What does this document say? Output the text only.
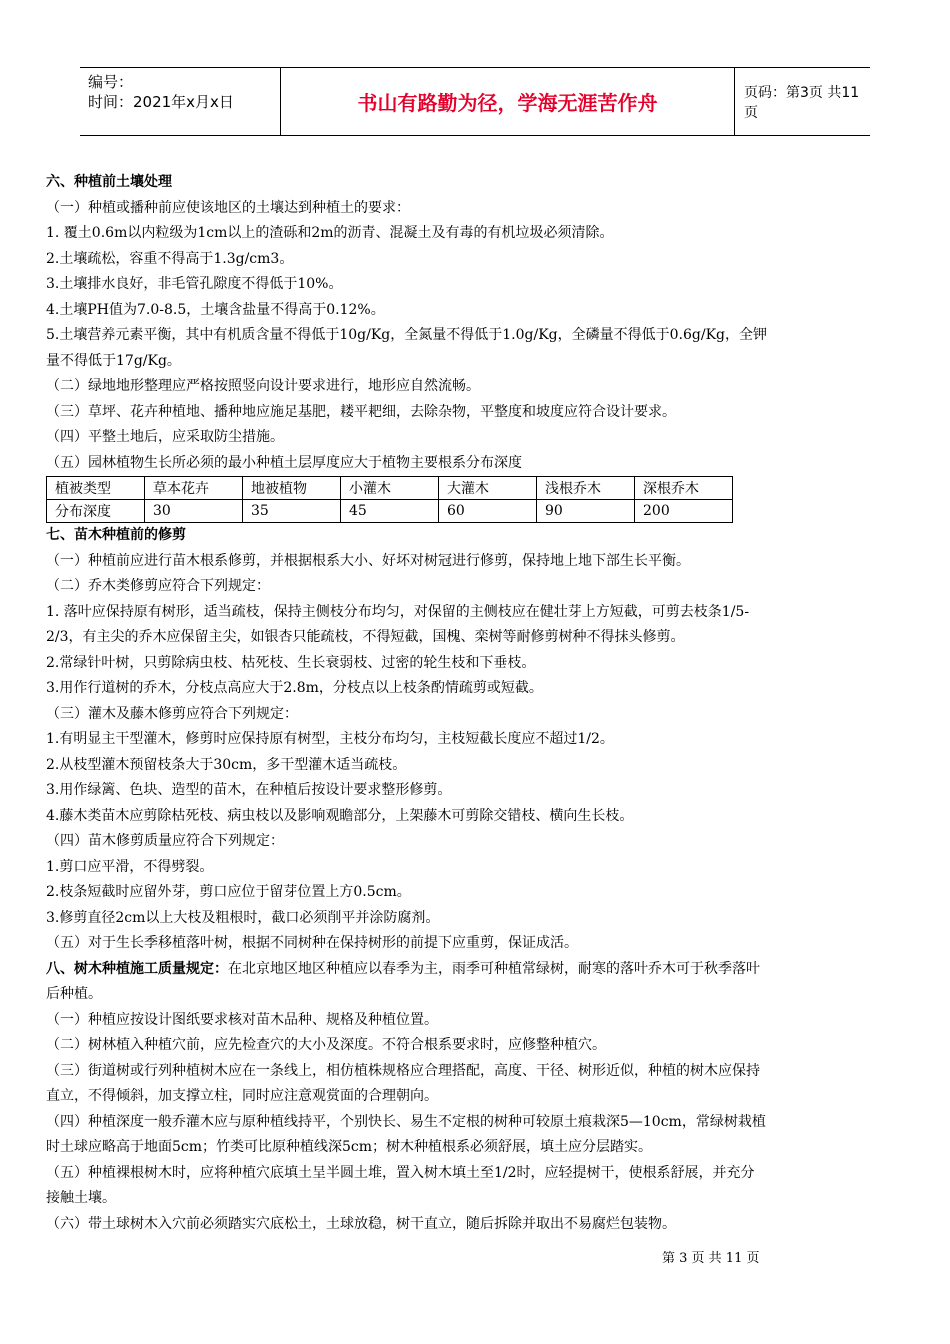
编号：
时间：2021年x月x日	书山有路勤为径，学海无涯苦作舟	页码：第3页 共11页
六、种植前土壤处理
（一）种植或播种前应使该地区的土壤达到种植土的要求：
1. 覆土0.6m以内粒级为1cm以上的渣砾和2m的沥青、混凝土及有毒的有机垃圾必须清除。
2.土壤疏松，容重不得高于1.3g/cm3。
3.土壤排水良好，非毛管孔隙度不得低于10%。
4.土壤PH值为7.0-8.5，土壤含盐量不得高于0.12%。
5.土壤营养元素平衡，其中有机质含量不得低于10g/Kg，全氮量不得低于1.0g/Kg，全磷量不得低于0.6g/Kg，全钾
量不得低于17g/Kg。
（二）绿地地形整理应严格按照竖向设计要求进行，地形应自然流畅。
（三）草坪、花卉种植地、播种地应施足基肥，耧平耙细，去除杂物，平整度和坡度应符合设计要求。
（四）平整土地后，应采取防尘措施。
（五）园林植物生长所必须的最小种植土层厚度应大于植物主要根系分布深度
植被类型	草本花卉	地被植物	小灌木	大灌木	浅根乔木	深根乔木
分布深度	30	35	45	60	90	200
七、苗木种植前的修剪
（一）种植前应进行苗木根系修剪，并根据根系大小、好坏对树冠进行修剪，保持地上地下部生长平衡。
（二）乔木类修剪应符合下列规定：
1. 落叶应保持原有树形，适当疏枝，保持主侧枝分布均匀，对保留的主侧枝应在健壮芽上方短截，可剪去枝条1/5-
2/3，有主尖的乔木应保留主尖，如银杏只能疏枝，不得短截，国槐、栾树等耐修剪树种不得抹头修剪。
2.常绿针叶树，只剪除病虫枝、枯死枝、生长衰弱枝、过密的轮生枝和下垂枝。
3.用作行道树的乔木，分枝点高应大于2.8m，分枝点以上枝条酌情疏剪或短截。
（三）灌木及藤木修剪应符合下列规定：
1.有明显主干型灌木，修剪时应保持原有树型，主枝分布均匀，主枝短截长度应不超过1/2。
2.从枝型灌木预留枝条大于30cm，多干型灌木适当疏枝。
3.用作绿篱、色块、造型的苗木，在种植后按设计要求整形修剪。
4.藤木类苗木应剪除枯死枝、病虫枝以及影响观瞻部分，上架藤木可剪除交错枝、横向生长枝。
（四）苗木修剪质量应符合下列规定：
1.剪口应平滑，不得劈裂。
2.枝条短截时应留外芽，剪口应位于留芽位置上方0.5cm。
3.修剪直径2cm以上大枝及粗根时，截口必须削平并涂防腐剂。
（五）对于生长季移植落叶树，根据不同树种在保持树形的前提下应重剪，保证成活。
八、树木种植施工质量规定：在北京地区地区种植应以春季为主，雨季可种植常绿树，耐寒的落叶乔木可于秋季落叶
后种植。
（一）种植应按设计图纸要求核对苗木品种、规格及种植位置。
（二）树林植入种植穴前，应先检查穴的大小及深度。不符合根系要求时，应修整种植穴。
（三）街道树或行列种植树木应在一条线上，相仿植株规格应合理搭配，高度、干径、树形近似，种植的树木应保持
直立，不得倾斜，加支撑立柱，同时应注意观赏面的合理朝向。
（四）种植深度一般乔灌木应与原种植线持平，个别快长、易生不定根的树种可较原土痕栽深5—10cm，常绿树栽植
时土球应略高于地面5cm；竹类可比原种植线深5cm；树木种植根系必须舒展，填土应分层踏实。
（五）种植裸根树木时，应将种植穴底填土呈半圆土堆，置入树木填土至1/2时，应轻提树干，使根系舒展，并充分
接触土壤。
（六）带土球树木入穴前必须踏实穴底松土，土球放稳，树干直立，随后拆除并取出不易腐烂包装物。
第 3 页 共 11 页
